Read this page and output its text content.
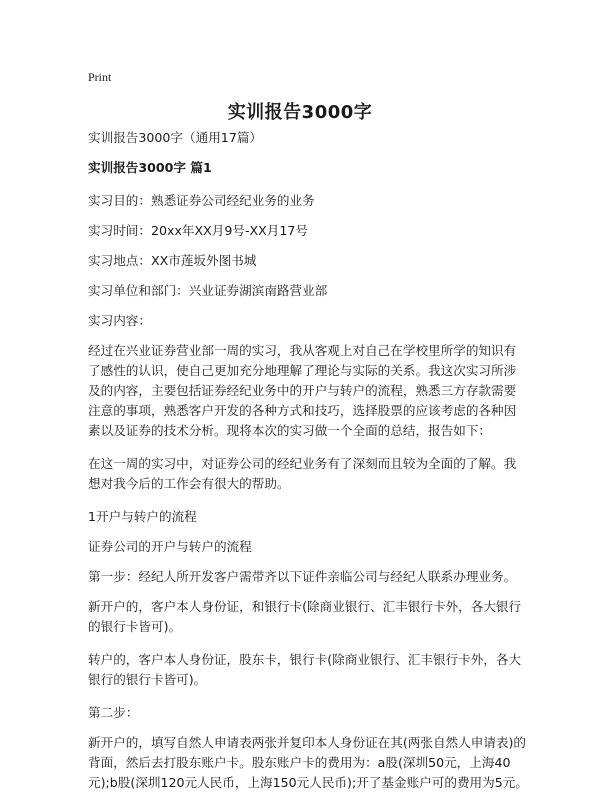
Print
实训报告3000字

实训报告3000字（通用17篇）

实训报告3000字 篇1

实习目的：熟悉证券公司经纪业务的业务

实习时间：20xx年XX月9号-XX月17号

实习地点：XX市莲坂外图书城

实习单位和部门：兴业证券湖滨南路营业部

实习内容：

经过在兴业证券营业部一周的实习，我从客观上对自己在学校里所学的知识有了感性的认识，使自己更加充分地理解了理论与实际的关系。我这次实习所涉及的内容，主要包括证券经纪业务中的开户与转户的流程，熟悉三方存款需要注意的事项，熟悉客户开发的各种方式和技巧，选择股票的应该考虑的各种因素以及证券的技术分析。现将本次的实习做一个全面的总结，报告如下：

在这一周的实习中，对证券公司的经纪业务有了深刻而且较为全面的了解。我想对我今后的工作会有很大的帮助。

1开户与转户的流程

证券公司的开户与转户的流程

第一步：经纪人所开发客户需带齐以下证件亲临公司与经纪人联系办理业务。

新开户的，客户本人身份证，和银行卡(除商业银行、汇丰银行卡外，各大银行的银行卡皆可)。

转户的，客户本人身份证，股东卡，银行卡(除商业银行、汇丰银行卡外，各大银行的银行卡皆可)。

第二步：

新开户的，填写自然人申请表两张并复印本人身份证在其(两张自然人申请表)的背面，然后去打股东账户卡。股东账户卡的费用为：a股(深圳50元，上海40元);b股(深圳120元人民币，上海150元人民币);开了基金账户可的费用为5元。
